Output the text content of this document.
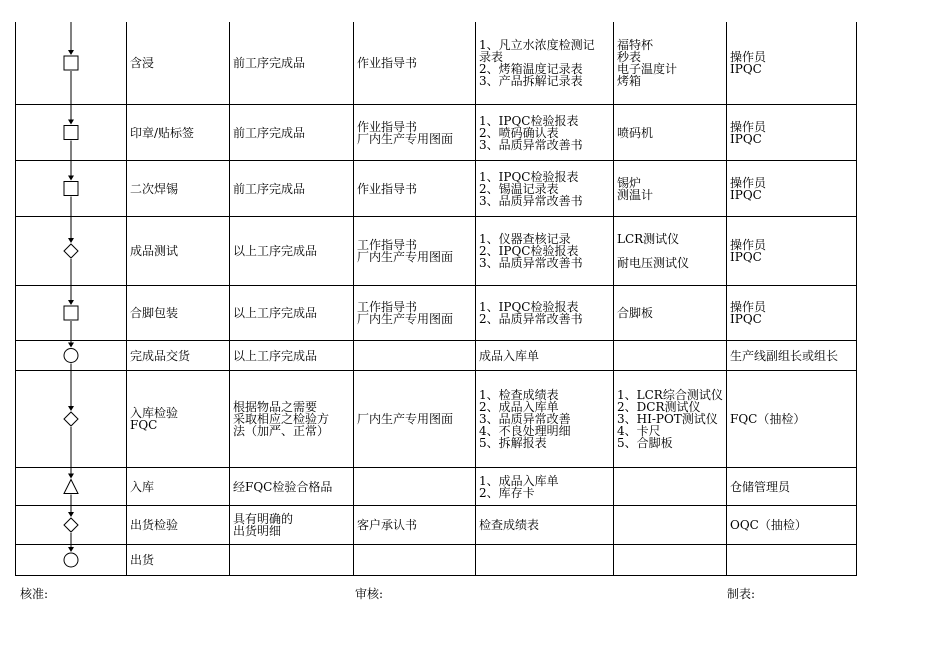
	含浸	前工序完成品	作业指导书	1、凡立水浓度检测记
录表
2、烤箱温度记录表
3、产品拆解记录表	福特杯
秒表
电子温度计
烤箱	操作员
IPQC

	印章/贴标签	前工序完成品	作业指导书
厂内生产专用图面	1、IPQC检验报表
2、喷码确认表
3、品质异常改善书	喷码机	操作员
IPQC

	二次焊锡	前工序完成品	作业指导书	1、IPQC检验报表
2、锡温记录表
3、品质异常改善书	锡炉
测温计	操作员
IPQC

	成品测试	以上工序完成品	工作指导书
厂内生产专用图面	1、仪器查核记录
2、IPQC检验报表
3、品质异常改善书	LCR测试仪

耐电压测试仪	操作员
IPQC

	合脚包装	以上工序完成品	工作指导书
厂内生产专用图面	1、IPQC检验报表
2、品质异常改善书	合脚板	操作员
IPQC

	完成品交货	以上工序完成品		成品入库单		生产线副组长或组长

	入库检验
FQC	根据物品之需要
采取相应之检验方
法（加严、正常）	厂内生产专用图面	1、检查成绩表
2、成品入库单
3、品质异常改善
4、不良处理明细
5、拆解报表	1、LCR综合测试仪
2、DCR测试仪
3、HI-POT测试仪
4、卡尺
5、合脚板	FQC（抽检）

	入库	经FQC检验合格品		1、成品入库单
2、库存卡		仓储管理员

	出货检验	具有明确的
出货明细	客户承认书	检查成绩表		OQC（抽检）

	出货					
核准:	审核:	制表:
